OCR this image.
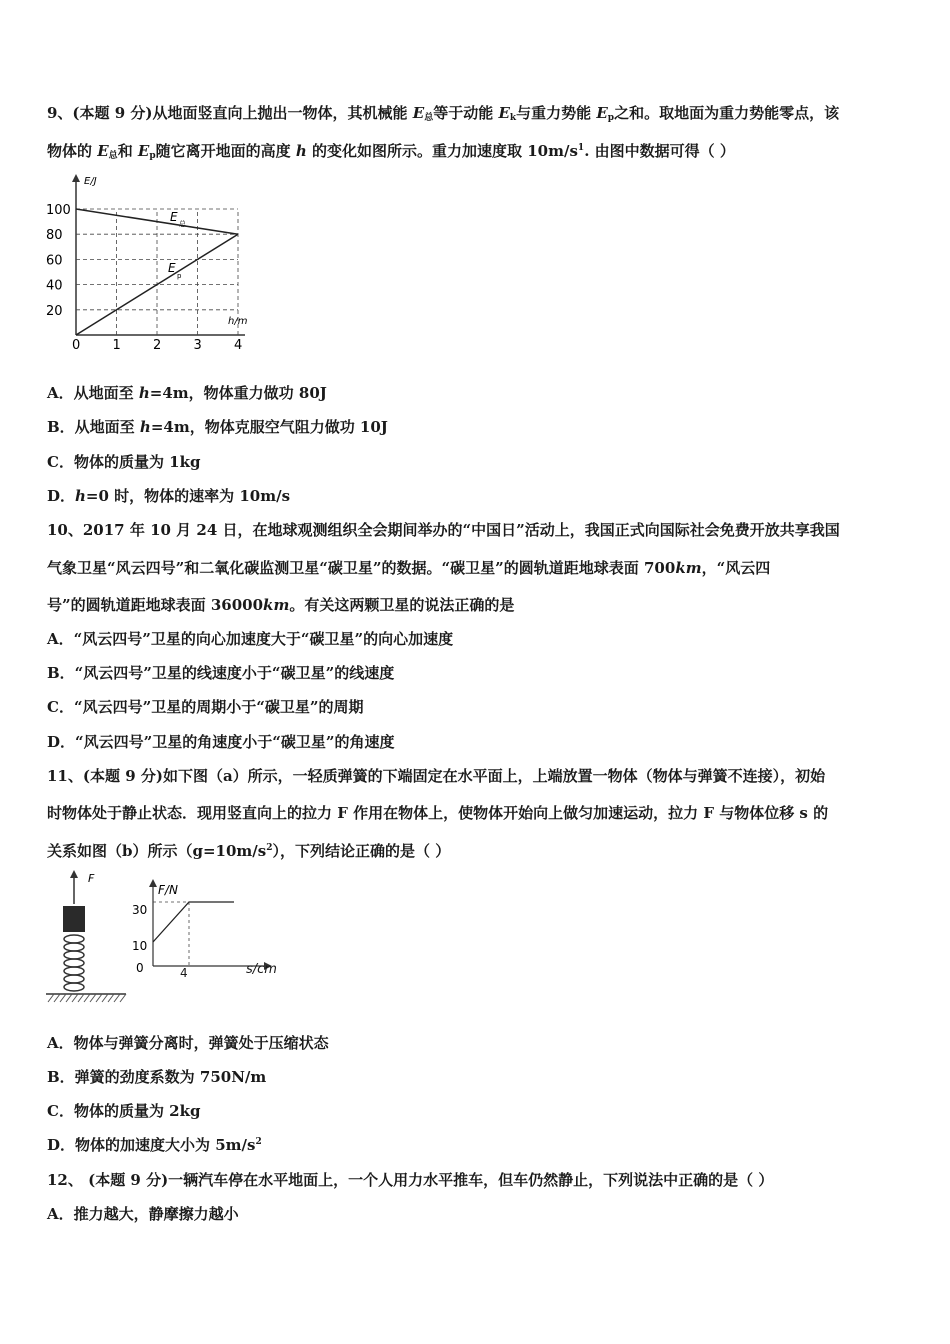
9、(本题 9 分)从地面竖直向上抛出一物体，其机械能 $E_总$等于动能 $E_k$与重力势能 $E_p$之和。取地面为重力势能零点，该
物体的 $E_总$和 $E_p$随它离开地面的高度 h 的变化如图所示。重力加速度取 $10m/s^1$. 由图中数据可得（ ）
E/J
h/m
100
80
60
40
20
0 1 2 3 4
E 总
E
p
A．从地面至 h=4m，物体重力做功 80J
B．从地面至 h=4m，物体克服空气阻力做功 10J
C．物体的质量为 1kg
D．h=0 时，物体的速率为 10m/s
10、2017 年 10 月 24 日，在地球观测组织全会期间举办的“中国日”活动上，我国正式向国际社会免费开放共享我国
气象卫星“风云四号”和二氧化碳监测卫星“碳卫星”的数据。“碳卫星”的圆轨道距地球表面 700km，“风云四
号”的圆轨道距地球表面 36000km。有关这两颗卫星的说法正确的是
A．“风云四号”卫星的向心加速度大于“碳卫星”的向心加速度
B．“风云四号”卫星的线速度小于“碳卫星”的线速度
C．“风云四号”卫星的周期小于“碳卫星”的周期
D．“风云四号”卫星的角速度小于“碳卫星”的角速度
11、(本题 9 分)如下图（a）所示，一轻质弹簧的下端固定在水平面上，上端放置一物体（物体与弹簧不连接），初始
时物体处于静止状态．现用竖直向上的拉力 F 作用在物体上，使物体开始向上做匀加速运动，拉力 F 与物体位移 s 的
关系如图（b）所示$(g=10m/s^2)$，下列结论正确的是（ ）
F
F/N
30
10
0	4	s/cm
A．物体与弹簧分离时，弹簧处于压缩状态
B．弹簧的劲度系数为 750N/m
C．物体的质量为 2kg
D．物体的加速度大小为 $5m/s^2$
12、 (本题 9 分)一辆汽车停在水平地面上，一个人用力水平推车，但车仍然静止，下列说法中正确的是（ ）
A．推力越大，静摩擦力越小
